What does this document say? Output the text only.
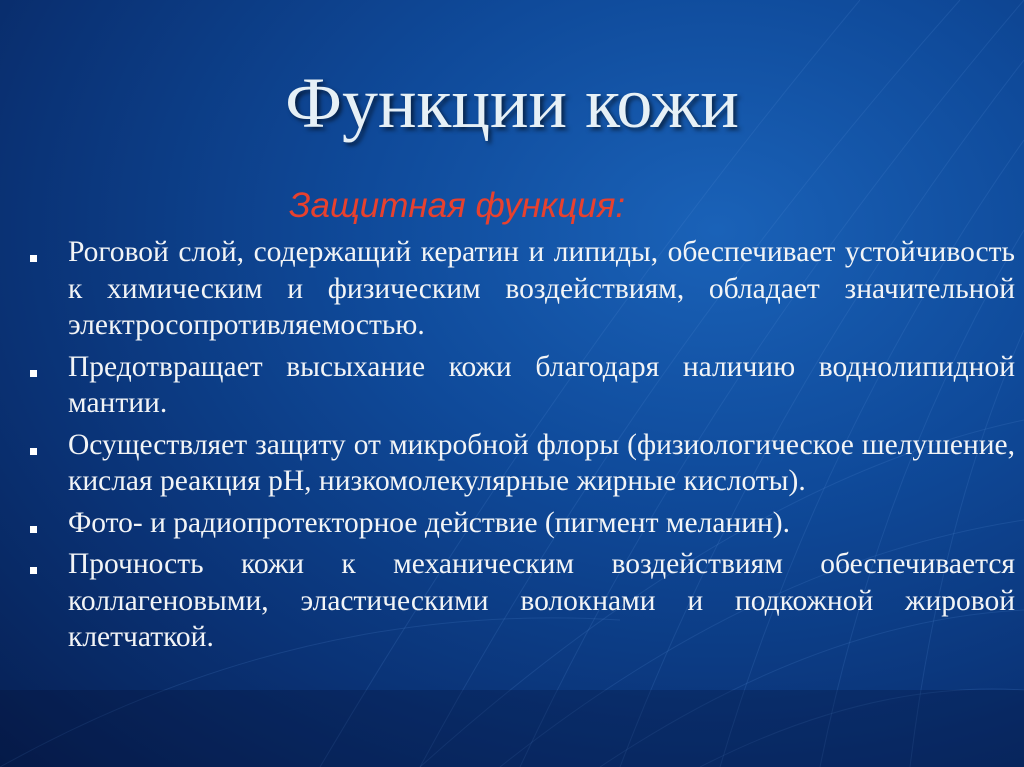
Функции кожи
Защитная функция:
Роговой слой, содержащий кератин и липиды, обеспечивает устойчивость к химическим и физическим воздействиям, обладает значительной электросопротивляемостью.
Предотвращает высыхание кожи благодаря наличию воднолипидной мантии.
Осуществляет защиту от микробной флоры (физиологическое шелушение, кислая реакция pH, низкомолекулярные жирные кислоты).
Фото- и радиопротекторное действие (пигмент меланин).
Прочность кожи к механическим воздействиям обеспечивается коллагеновыми, эластическими волокнами и подкожной жировой клетчаткой.
